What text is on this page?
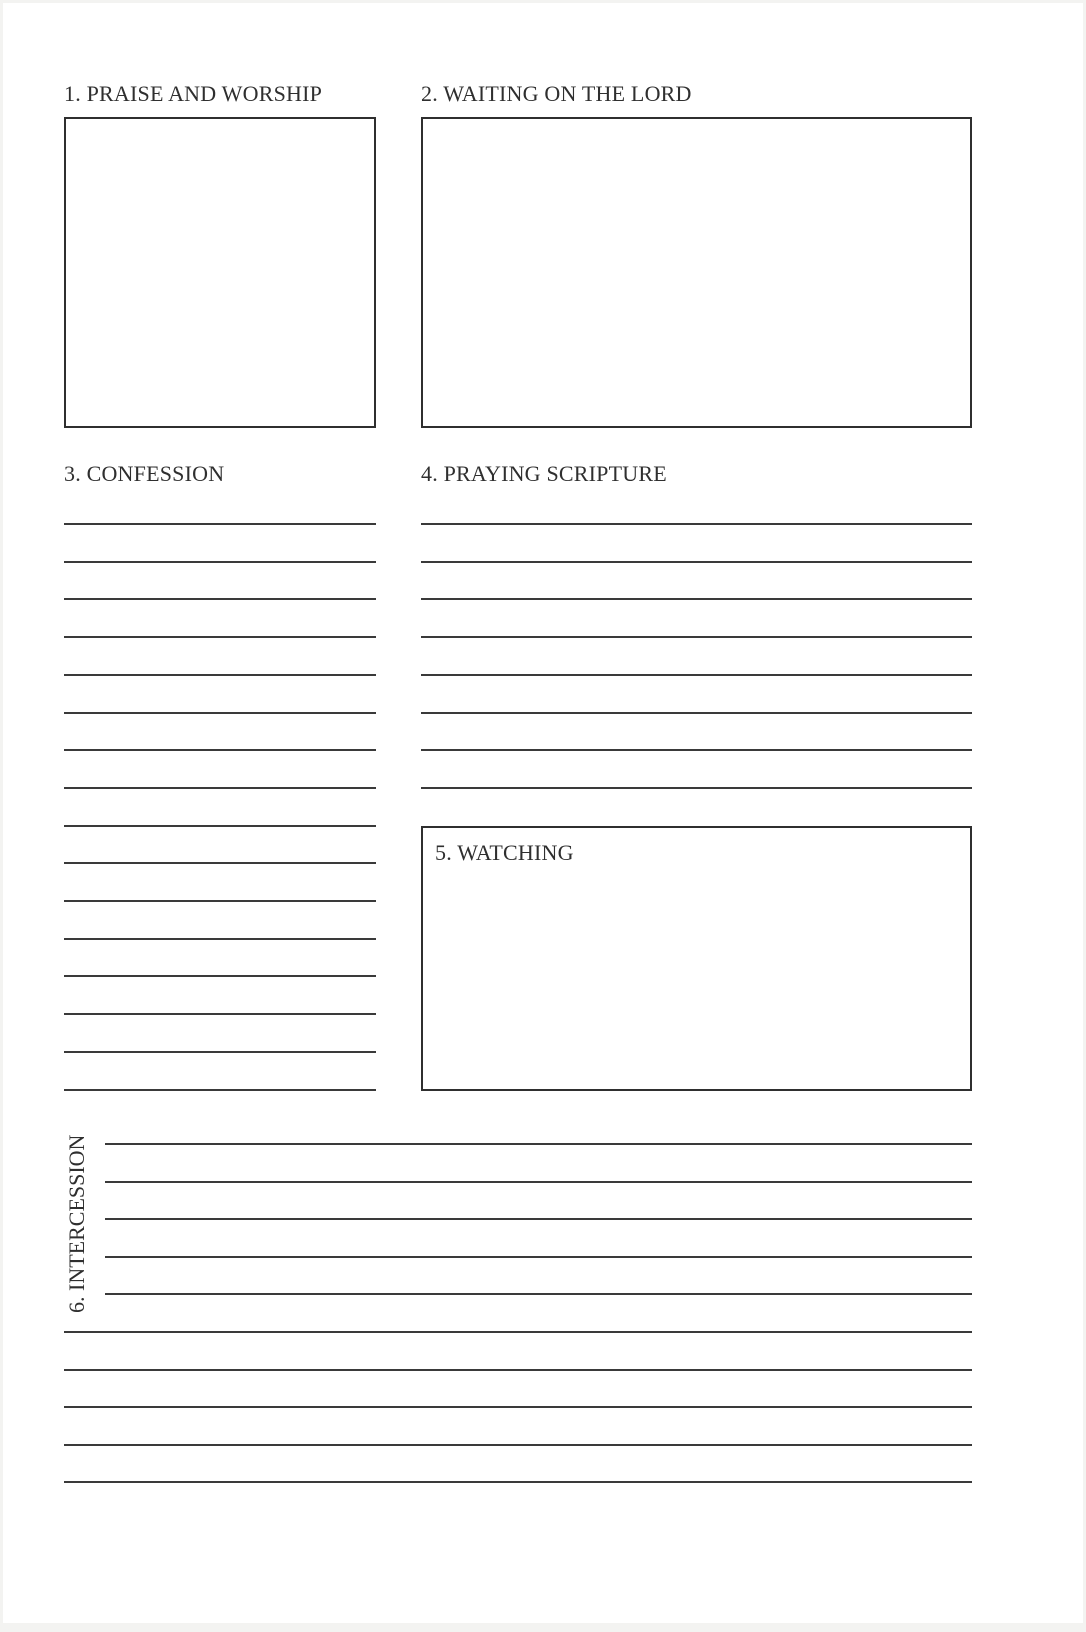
1. PRAISE AND WORSHIP	2. WAITING ON THE LORD
3. CONFESSION	4. PRAYING SCRIPTURE
5. WATCHING
6. INTERCESSION
